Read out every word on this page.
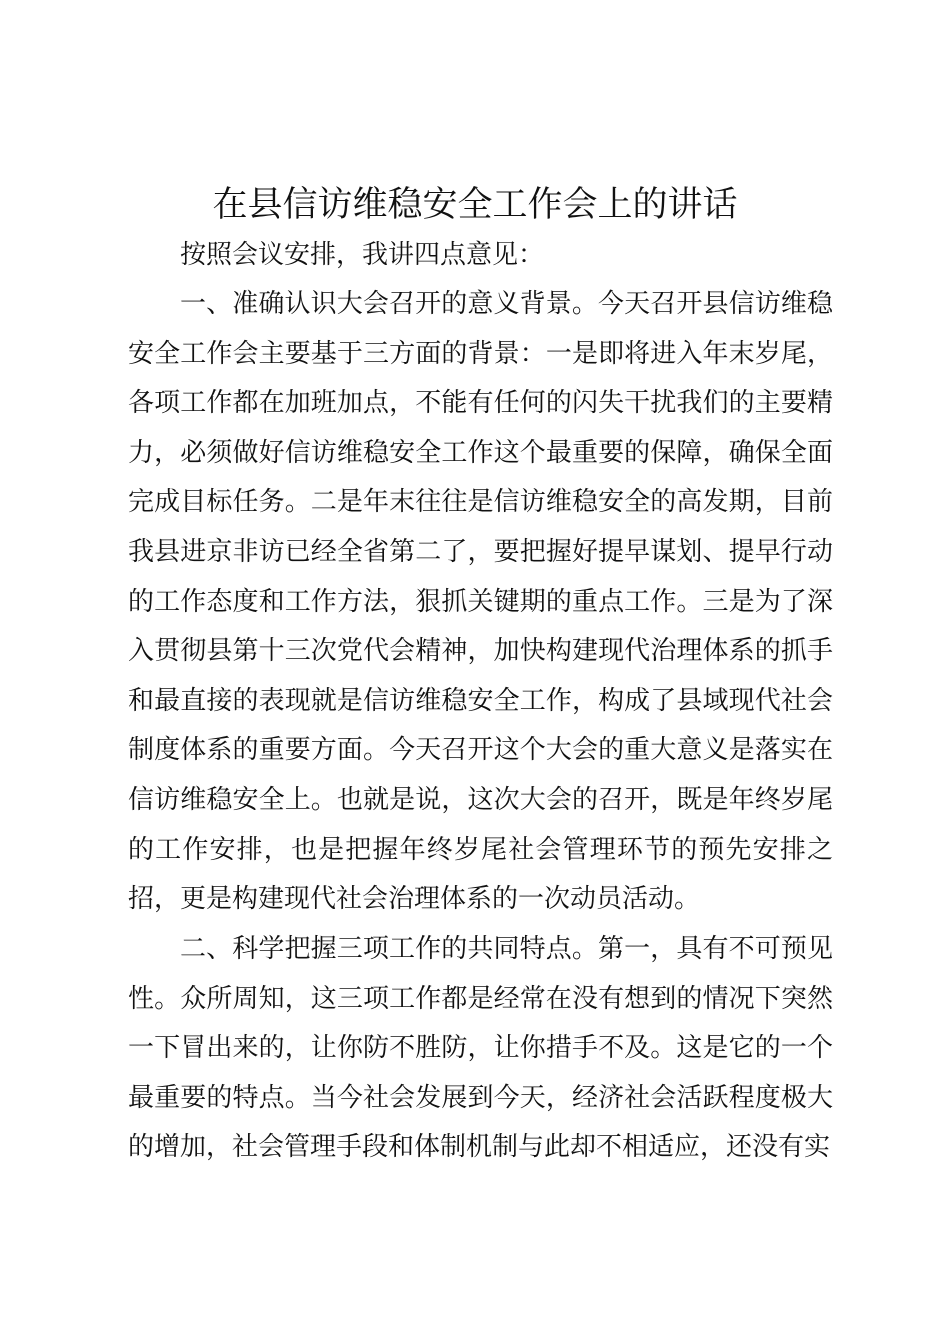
在县信访维稳安全工作会上的讲话

按照会议安排，我讲四点意见：

一、准确认识大会召开的意义背景。今天召开县信访维稳安全工作会主要基于三方面的背景：一是即将进入年末岁尾，各项工作都在加班加点，不能有任何的闪失干扰我们的主要精力，必须做好信访维稳安全工作这个最重要的保障，确保全面完成目标任务。二是年末往往是信访维稳安全的高发期，目前我县进京非访已经全省第二了，要把握好提早谋划、提早行动的工作态度和工作方法，狠抓关键期的重点工作。三是为了深入贯彻县第十三次党代会精神，加快构建现代治理体系的抓手和最直接的表现就是信访维稳安全工作，构成了县域现代社会制度体系的重要方面。今天召开这个大会的重大意义是落实在信访维稳安全上。也就是说，这次大会的召开，既是年终岁尾的工作安排，也是把握年终岁尾社会管理环节的预先安排之招，更是构建现代社会治理体系的一次动员活动。

二、科学把握三项工作的共同特点。第一，具有不可预见性。众所周知，这三项工作都是经常在没有想到的情况下突然一下冒出来的，让你防不胜防，让你措手不及。这是它的一个最重要的特点。当今社会发展到今天，经济社会活跃程度极大的增加，社会管理手段和体制机制与此却不相适应，还没有实
